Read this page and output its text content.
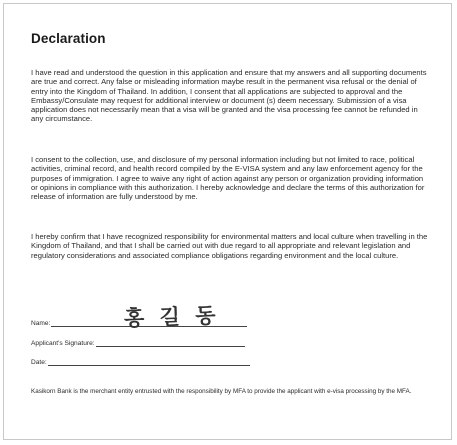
Declaration

I have read and understood the question in this application and ensure that my answers and all supporting documents are true and correct. Any false or misleading information maybe result in the permanent visa refusal or the denial of entry into the Kingdom of Thailand. In addition, I consent that all applications are subjected to approval and the Embassy/Consulate may request for additional interview or document (s) deem necessary. Submission of a visa application does not necessarily mean that a visa will be granted and the visa processing fee cannot be refunded in any circumstance.

I consent to the collection, use, and disclosure of my personal information including but not limited to race, political activities, criminal record, and health record compiled by the E-VISA system and any law enforcement agency for the purposes of immigration. I agree to waive any right of action against any person or organization providing information or opinions in compliance with this authorization. I hereby acknowledge and declare the terms of this authorization for release of information are fully understood by me.

I hereby confirm that I have recognized responsibility for environmental matters and local culture when travelling in the Kingdom of Thailand, and that I shall be carried out with due regard to all appropriate and relevant legislation and regulatory considerations and associated compliance obligations regarding environment and the local culture.

Name:	홍 길 동
Applicant's Signature:
Date:

Kasikorn Bank is the merchant entity entrusted with the responsibility by MFA to provide the applicant with e-visa processing by the MFA.
